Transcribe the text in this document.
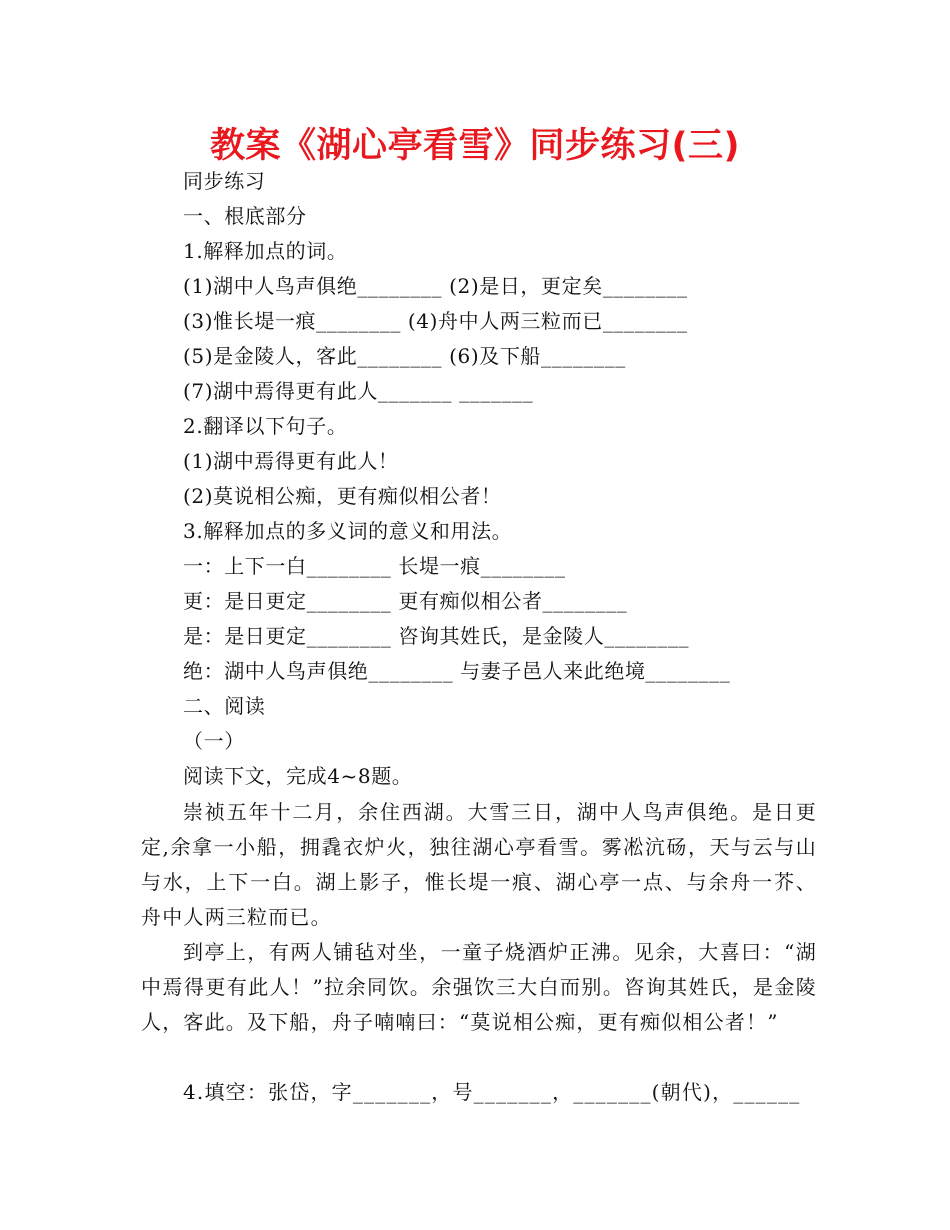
教案《湖心亭看雪》同步练习(三)
同步练习
一、根底部分
1.解释加点的词。
(1)湖中人鸟声俱绝________ (2)是日，更定矣________
(3)惟长堤一痕________ (4)舟中人两三粒而已________
(5)是金陵人，客此________ (6)及下船________
(7)湖中焉得更有此人_______ _______
2.翻译以下句子。
(1)湖中焉得更有此人！
(2)莫说相公痴，更有痴似相公者！
3.解释加点的多义词的意义和用法。
一：上下一白________ 长堤一痕________
更：是日更定________ 更有痴似相公者________
是：是日更定________ 咨询其姓氏，是金陵人________
绝：湖中人鸟声俱绝________ 与妻子邑人来此绝境________
二、阅读
（一）
阅读下文，完成4~8题。
崇祯五年十二月，余住西湖。大雪三日，湖中人鸟声俱绝。是日更定,余拿一小船，拥毳衣炉火，独往湖心亭看雪。雾凇沆砀，天与云与山与水，上下一白。湖上影子，惟长堤一痕、湖心亭一点、与余舟一芥、舟中人两三粒而已。
到亭上，有两人铺毡对坐，一童子烧酒炉正沸。见余，大喜曰：“湖中焉得更有此人！”拉余同饮。余强饮三大白而别。咨询其姓氏，是金陵人，客此。及下船，舟子喃喃曰：“莫说相公痴，更有痴似相公者！”
4.填空：张岱，字_______，号_______，_______(朝代)，______
